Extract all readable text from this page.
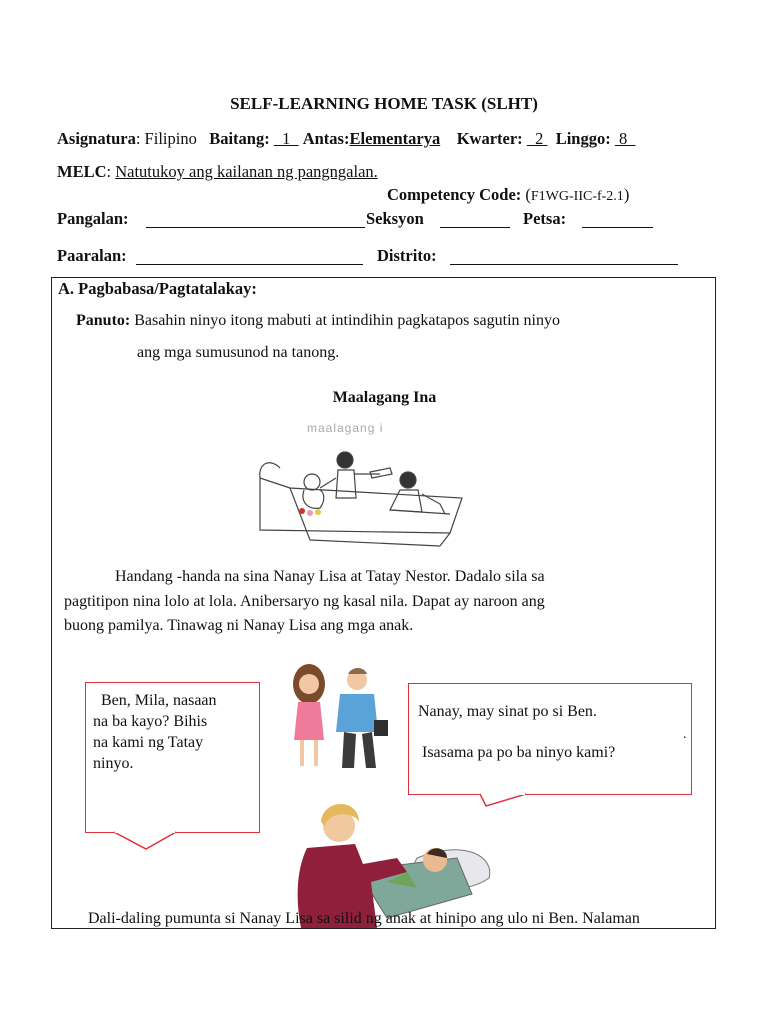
SELF-LEARNING HOME TASK (SLHT)
Asignatura: Filipino Baitang: 1 Antas:Elementarya Kwarter: 2 Linggo: 8
MELC: Natutukoy ang kailanan ng pangngalan.
Competency Code: (F1WG-IIC-f-2.1)
Pangalan:	Seksyon	Petsa:
Paaralan:	Distrito:
A. Pagbabasa/Pagtatalakay:
Panuto: Basahin ninyo itong mabuti at intindihin pagkatapos sagutin ninyo
ang mga sumusunod na tanong.
Maalagang Ina
maalagang i
Handang -handa na sina Nanay Lisa at Tatay Nestor. Dadalo sila sa
pagtitipon nina lolo at lola. Anibersaryo ng kasal nila. Dapat ay naroon ang
buong pamilya. Tinawag ni Nanay Lisa ang mga anak.
Ben, Mila, nasaan
na ba kayo? Bihis
na kami ng Tatay
ninyo.
Nanay, may sinat po si Ben.
Isasama pa po ba ninyo kami?
.
Dali-daling pumunta si Nanay Lisa sa silid ng anak at hinipo ang ulo ni Ben. Nalaman
